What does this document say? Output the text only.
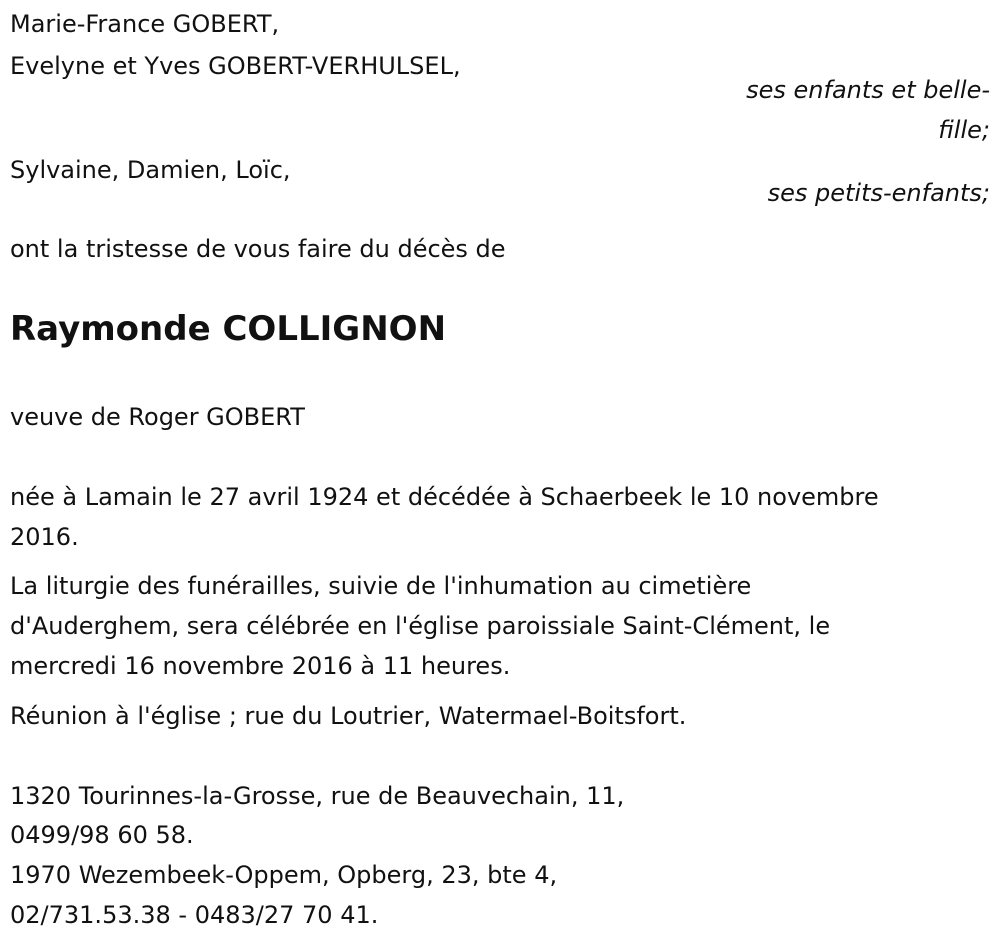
Marie-France GOBERT,
Evelyne et Yves GOBERT-VERHULSEL,
ses enfants et belle-
fille;
Sylvaine, Damien, Loïc,
ses petits-enfants;
ont la tristesse de vous faire du décès de
Raymonde COLLIGNON
veuve de Roger GOBERT
née à Lamain le 27 avril 1924 et décédée à Schaerbeek le 10 novembre
2016.
La liturgie des funérailles, suivie de l'inhumation au cimetière
d'Auderghem, sera célébrée en l'église paroissiale Saint-Clément, le
mercredi 16 novembre 2016 à 11 heures.
Réunion à l'église ; rue du Loutrier, Watermael-Boitsfort.
1320 Tourinnes-la-Grosse, rue de Beauvechain, 11,
0499/98 60 58.
1970 Wezembeek-Oppem, Opberg, 23, bte 4,
02/731.53.38 - 0483/27 70 41.
